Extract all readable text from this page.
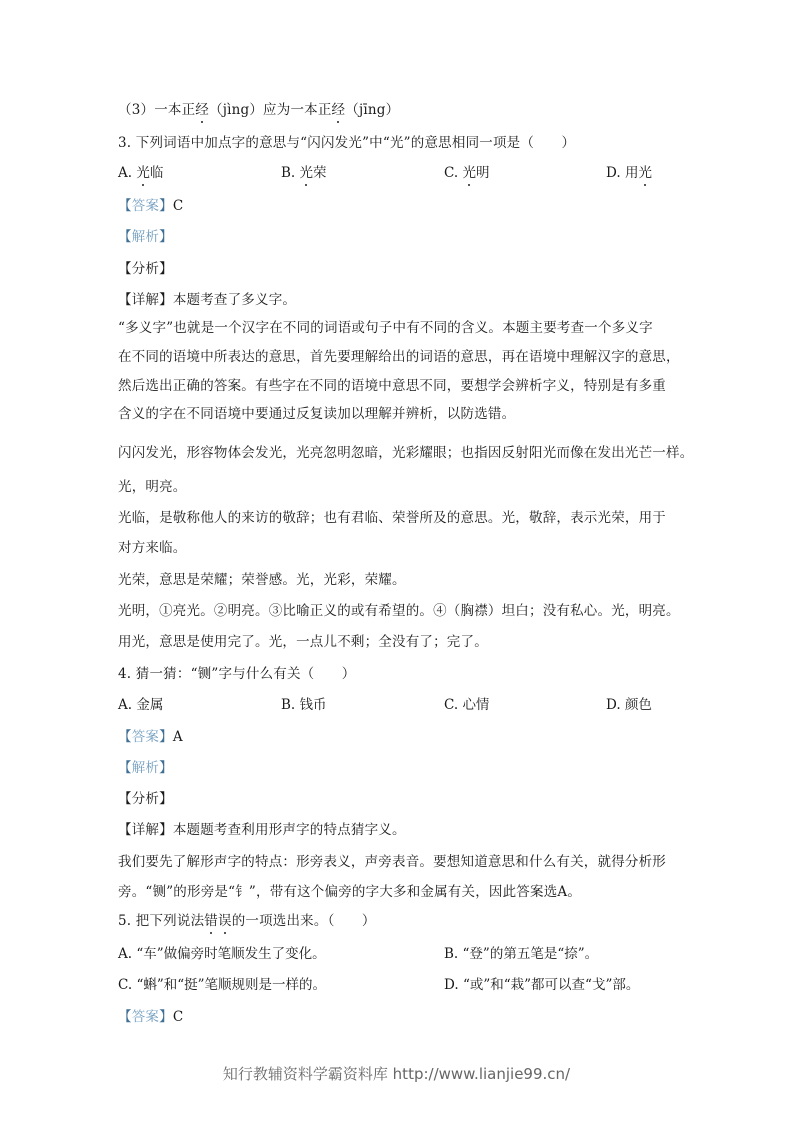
（3）一本正经（jìng）应为一本正经（jīng）
3. 下列词语中加点字的意思与“闪闪发光”中“光”的意思相同一项是（　　）
A. 光临	B. 光荣	C. 光明	D. 用光
【答案】C
【解析】
【分析】
【详解】本题考查了多义字。
“多义字”也就是一个汉字在不同的词语或句子中有不同的含义。本题主要考查一个多义字
在不同的语境中所表达的意思，首先要理解给出的词语的意思，再在语境中理解汉字的意思，
然后选出正确的答案。有些字在不同的语境中意思不同，要想学会辨析字义，特别是有多重
含义的字在不同语境中要通过反复读加以理解并辨析，以防选错。
闪闪发光，形容物体会发光，光亮忽明忽暗，光彩耀眼；也指因反射阳光而像在发出光芒一样。
光，明亮。
光临，是敬称他人的来访的敬辞；也有君临、荣誉所及的意思。光，敬辞，表示光荣，用于
对方来临。
光荣，意思是荣耀；荣誉感。光，光彩，荣耀。
光明，①亮光。②明亮。③比喻正义的或有希望的。④（胸襟）坦白；没有私心。光，明亮。
用光，意思是使用完了。光，一点儿不剩；全没有了；完了。
4. 猜一猜：“铡”字与什么有关（　　）
A. 金属	B. 钱币	C. 心情	D. 颜色
【答案】A
【解析】
【分析】
【详解】本题题考查利用形声字的特点猜字义。
我们要先了解形声字的特点：形旁表义，声旁表音。要想知道意思和什么有关，就得分析形
旁。“铡”的形旁是“钅”，带有这个偏旁的字大多和金属有关，因此答案选A。
5. 把下列说法错误的一项选出来。（　　）
A. “车”做偏旁时笔顺发生了变化。	B. “登”的第五笔是“捺”。
C. “蝌”和“挺”笔顺规则是一样的。	D. “或”和“栽”都可以查“戈”部。
【答案】C
知行教辅资料学霸资料库 http://www.lianjie99.cn/
